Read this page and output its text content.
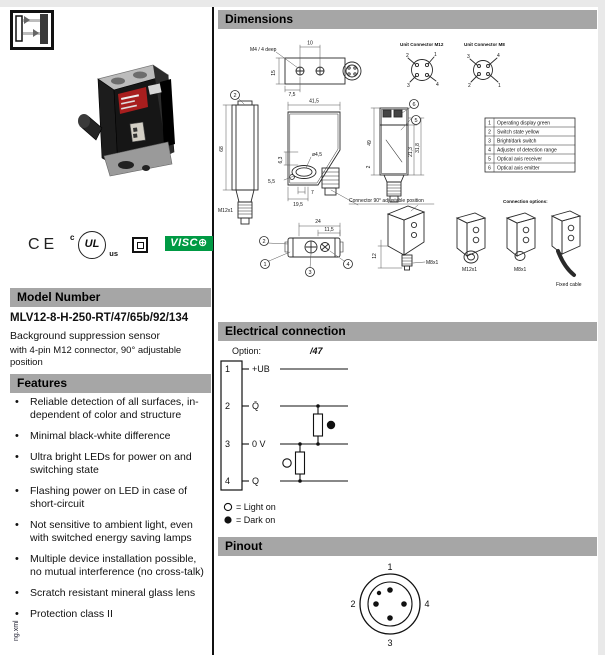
CE c
UL
us
VISC⊕
Model Number
MLV12-8-H-250-RT/47/65b/92/134
Background suppression sensor
with 4-pin M12 connector, 90° adjustable position
Features
• Reliable detection of all surfaces, in-dependent of color and structure
• Minimal black-white difference
• Ultra bright LEDs for power on and switching state
• Flashing power on LED in case of short-circuit
• Not sensitive to ambient light, even with switched energy saving lamps
• Multiple device installation possible, no mutual interference (no cross-talk)
• Scratch resistant mineral glass lens
• Protection class II
ng.xml
Dimensions
1 Operating display green
2 Switch state yellow
3 Bright/dark switch
4 Adjuster of detection range
5 Optical axis receiver
6 Optical axis emitter
2
2
1
3
4
6
5
M4 / 4 deep
10
15
7,5
41,5
68
M12x1
6,3
ø4,5
5,5
7
19,5
49
2
21,3 31,8
24
11,5
12
M8x1
Connector 90° adjustable position
M12x1	M8x1
Fixed cable
Unit Connector M12	Unit Connector M8
Connection options:
2	1
3	4
3	4
2	1
Electrical connection
Option:	/47
1
2
3
4
+UB
Q̄
0 V
Q
= Light on
= Dark on
Pinout
1
2
3
4
